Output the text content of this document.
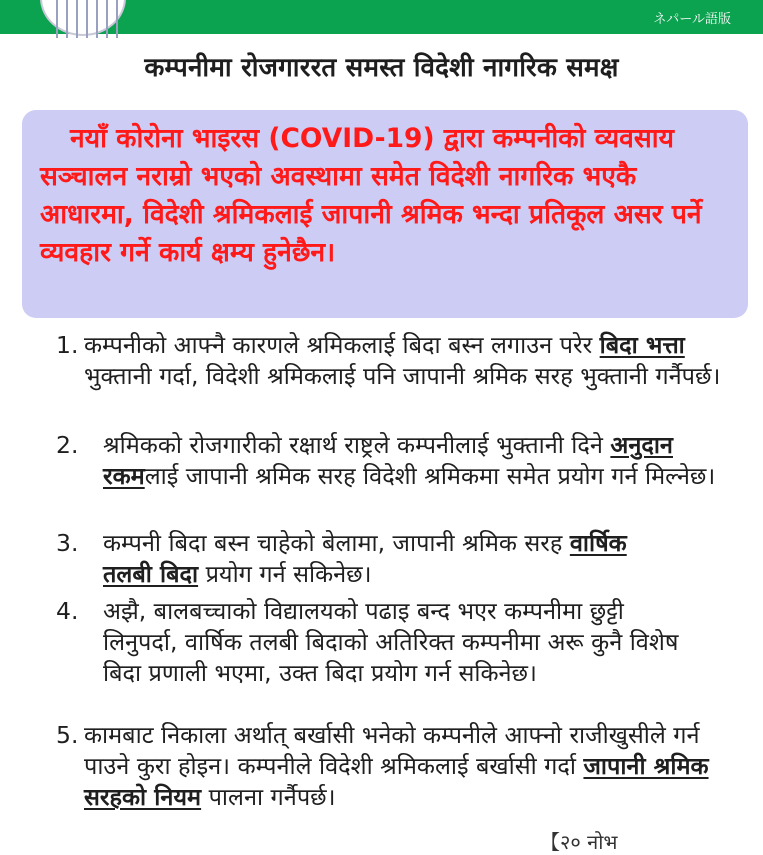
ネパール語版
कम्पनीमा रोजगाररत समस्त विदेशी नागरिक समक्ष

नयाँ कोरोना भाइरस (COVID-19) द्वारा कम्पनीको व्यवसाय सञ्चालन नराम्रो भएको अवस्थामा समेत विदेशी नागरिक भएकै आधारमा, विदेशी श्रमिकलाई जापानी श्रमिक भन्दा प्रतिकूल असर पर्ने व्यवहार गर्ने कार्य क्षम्य हुनेछैन।

1. कम्पनीको आफ्नै कारणले श्रमिकलाई बिदा बस्न लगाउन परेर बिदा भत्ता भुक्तानी गर्दा, विदेशी श्रमिकलाई पनि जापानी श्रमिक सरह भुक्तानी गर्नैपर्छ।
2. श्रमिकको रोजगारीको रक्षार्थ राष्ट्रले कम्पनीलाई भुक्तानी दिने अनुदान रकमलाई जापानी श्रमिक सरह विदेशी श्रमिकमा समेत प्रयोग गर्न मिल्नेछ।
3. कम्पनी बिदा बस्न चाहेको बेलामा, जापानी श्रमिक सरह वार्षिक तलबी बिदा प्रयोग गर्न सकिनेछ।
4. अझै, बालबच्चाको विद्यालयको पढाइ बन्द भएर कम्पनीमा छुट्टी लिनुपर्दा, वार्षिक तलबी बिदाको अतिरिक्त कम्पनीमा अरू कुनै विशेष बिदा प्रणाली भएमा, उक्त बिदा प्रयोग गर्न सकिनेछ।
5. कामबाट निकाला अर्थात् बर्खासी भनेको कम्पनीले आफ्नो राजीखुसीले गर्न पाउने कुरा होइन। कम्पनीले विदेशी श्रमिकलाई बर्खासी गर्दा जापानी श्रमिक सरहको नियम पालना गर्नैपर्छ।
【२० नोभ
